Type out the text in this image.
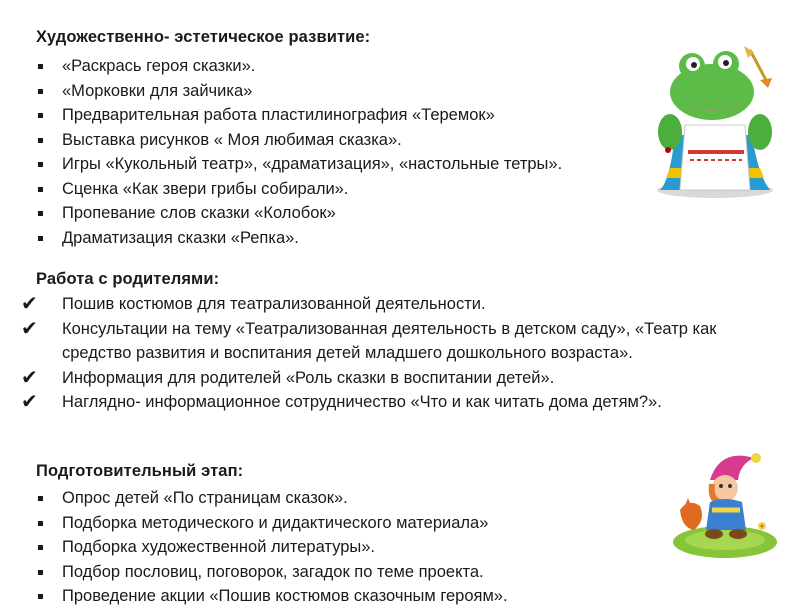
Художественно- эстетическое развитие:
«Раскрась героя сказки».
«Морковки для зайчика»
Предварительная работа пластилинография «Теремок»
Выставка рисунков « Моя любимая сказка».
Игры «Кукольный театр», «драматизация», «настольные тетры».
Сценка «Как звери грибы собирали».
Пропевание слов сказки «Колобок»
Драматизация сказки «Репка».
Работа с родителями:
✔ Пошив костюмов для театрализованной деятельности.
✔ Консультации на тему «Театрализованная деятельность в детском саду», «Театр как средство развития и воспитания детей младшего дошкольного возраста».
✔ Информация для родителей «Роль сказки в воспитании детей».
✔ Наглядно- информационное сотрудничество «Что и как читать дома детям?».
Подготовительный этап:
Опрос детей «По страницам сказок».
Подборка методического и дидактического материала»
Подборка художественной литературы».
Подбор пословиц, поговорок, загадок по теме проекта.
Проведение акции «Пошив костюмов сказочным героям».
